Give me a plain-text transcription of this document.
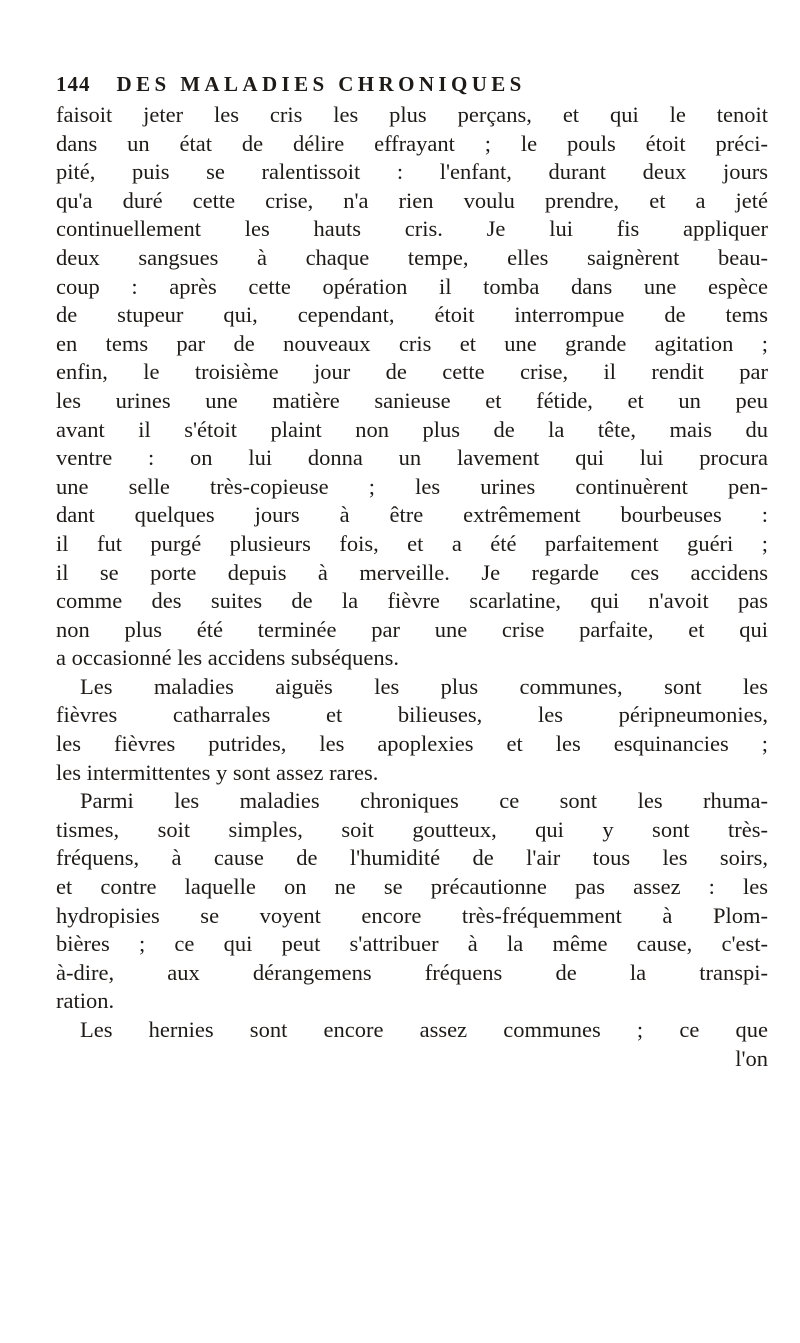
144 DES MALADIES CHRONIQUES
faisoit jeter les cris les plus perçans, et qui le tenoit
dans un état de délire effrayant ; le pouls étoit préci-
pité, puis se ralentissoit : l'enfant, durant deux jours
qu'a duré cette crise, n'a rien voulu prendre, et a jeté
continuellement les hauts cris. Je lui fis appliquer
deux sangsues à chaque tempe, elles saignèrent beau-
coup : après cette opération il tomba dans une espèce
de stupeur qui, cependant, étoit interrompue de tems
en tems par de nouveaux cris et une grande agitation ;
enfin, le troisième jour de cette crise, il rendit par
les urines une matière sanieuse et fétide, et un peu
avant il s'étoit plaint non plus de la tête, mais du
ventre : on lui donna un lavement qui lui procura
une selle très-copieuse ; les urines continuèrent pen-
dant quelques jours à être extrêmement bourbeuses :
il fut purgé plusieurs fois, et a été parfaitement guéri ;
il se porte depuis à merveille. Je regarde ces accidens
comme des suites de la fièvre scarlatine, qui n'avoit pas
non plus été terminée par une crise parfaite, et qui
a occasionné les accidens subséquens.
Les maladies aiguës les plus communes, sont les
fièvres catharrales et bilieuses, les péripneumonies,
les fièvres putrides, les apoplexies et les esquinancies ;
les intermittentes y sont assez rares.
Parmi les maladies chroniques ce sont les rhuma-
tismes, soit simples, soit goutteux, qui y sont très-
fréquens, à cause de l'humidité de l'air tous les soirs,
et contre laquelle on ne se précautionne pas assez : les
hydropisies se voyent encore très-fréquemment à Plom-
bières ; ce qui peut s'attribuer à la même cause, c'est-
à-dire, aux dérangemens fréquens de la transpi-
ration.
Les hernies sont encore assez communes ; ce que
l'on
